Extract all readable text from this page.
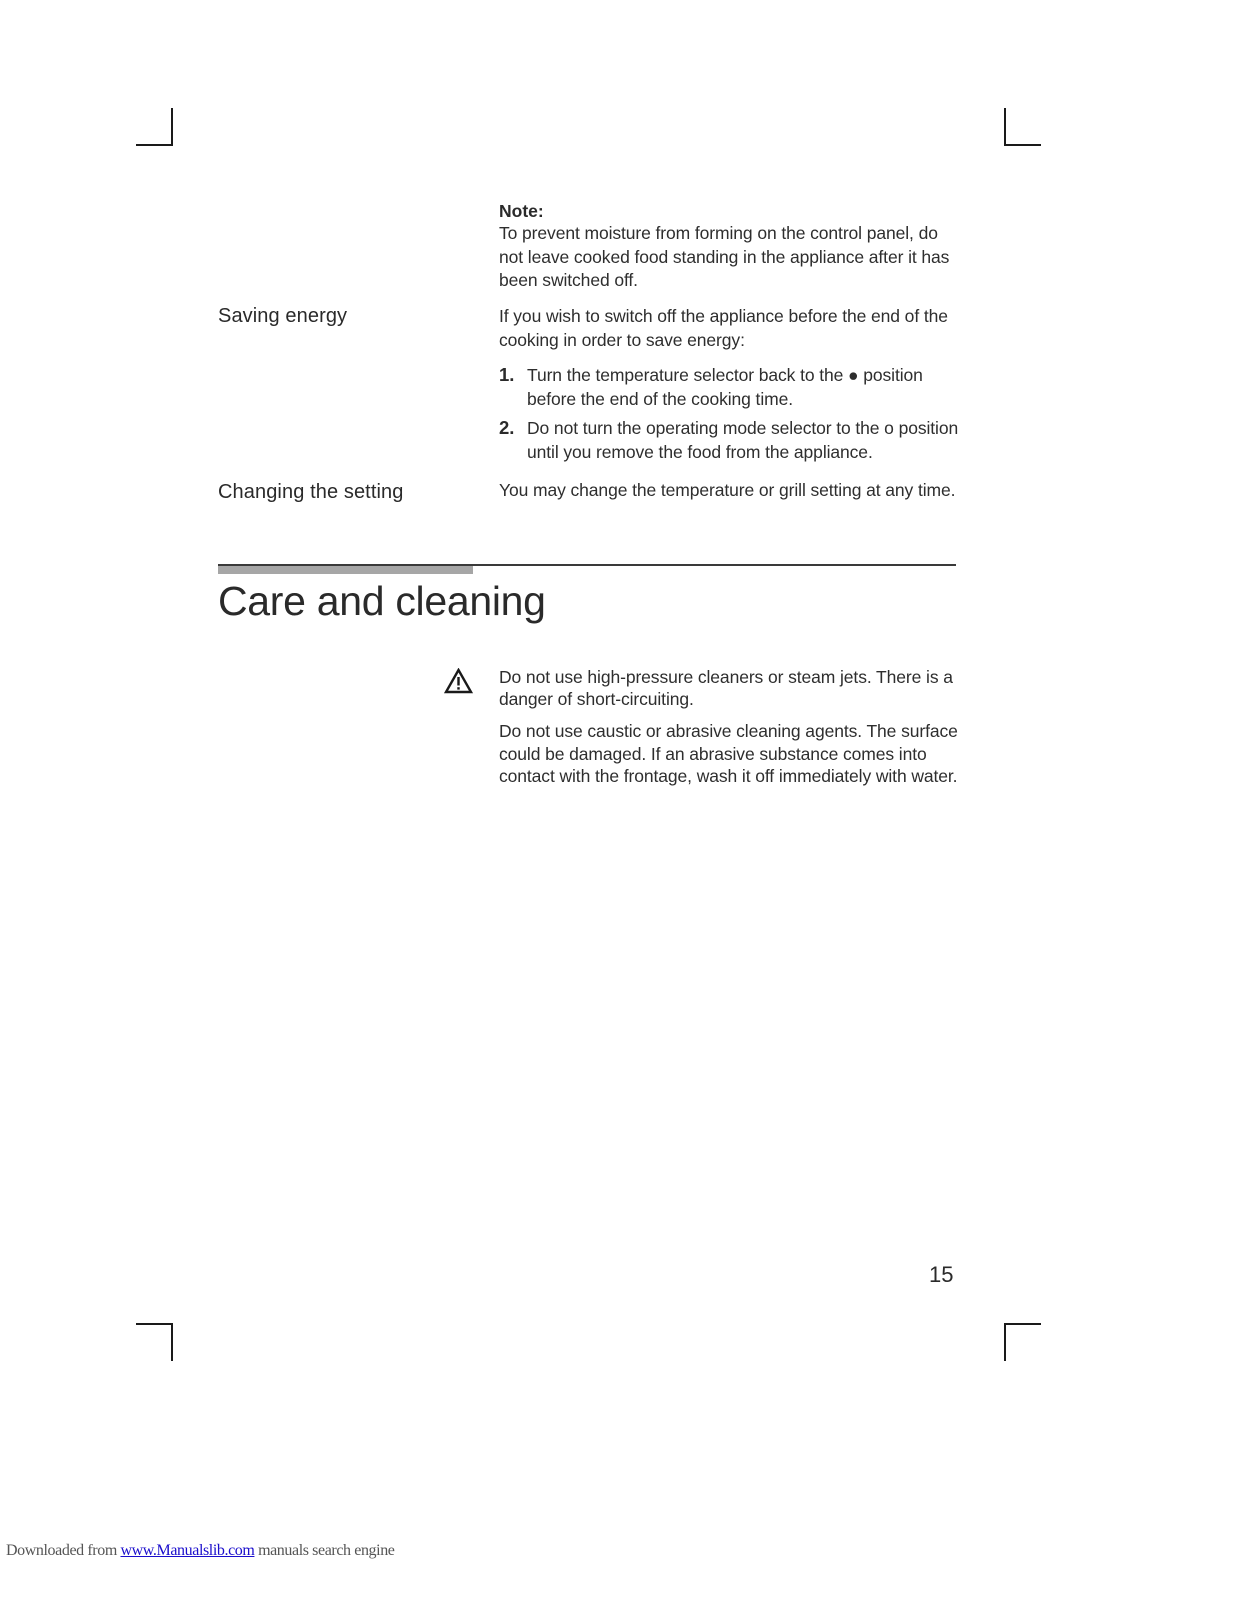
Note:
To prevent moisture from forming on the control panel, do
not leave cooked food standing in the appliance after it has
been switched off.
Saving energy	If you wish to switch off the appliance before the end of the
cooking in order to save energy:
1. Turn the temperature selector back to the ● position
before the end of the cooking time.
2. Do not turn the operating mode selector to the o position
until you remove the food from the appliance.
Changing the setting	You may change the temperature or grill setting at any time.
Care and cleaning
Do not use high-pressure cleaners or steam jets. There is a
danger of short-circuiting.
Do not use caustic or abrasive cleaning agents. The surface
could be damaged. If an abrasive substance comes into
contact with the frontage, wash it off immediately with water.
15
Downloaded from www.Manualslib.com manuals search engine
